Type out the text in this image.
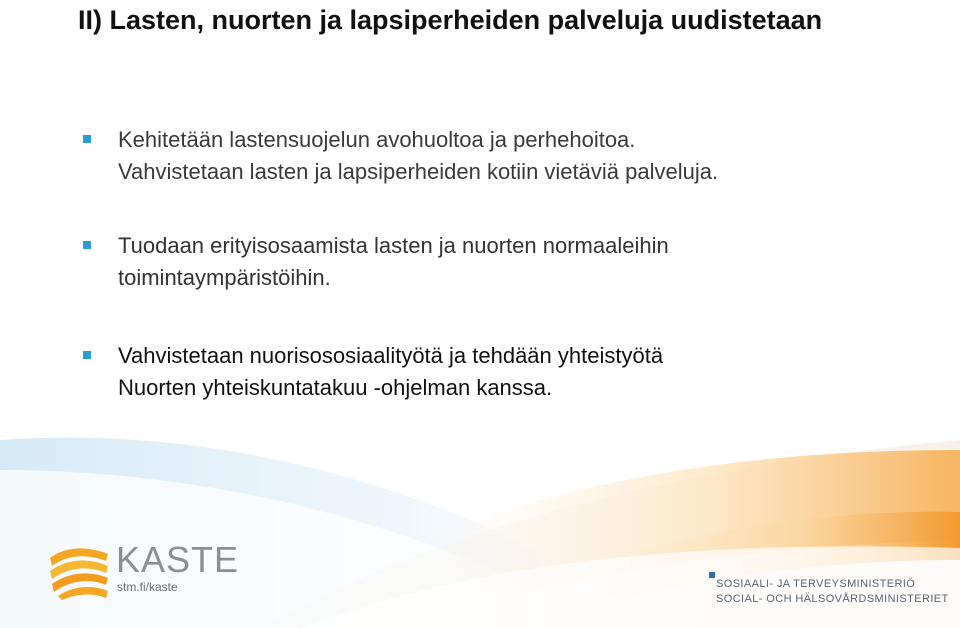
II) Lasten, nuorten ja lapsiperheiden palveluja uudistetaan
Kehitetään lastensuojelun avohuoltoa ja perhehoitoa.
Vahvistetaan lasten ja lapsiperheiden kotiin vietäviä palveluja.
Tuodaan erityisosaamista lasten ja nuorten normaaleihin
toimintaympäristöihin.
Vahvistetaan nuorisososiaalityötä ja tehdään yhteistyötä
Nuorten yhteiskuntatakuu -ohjelman kanssa.
KASTE
stm.fi/kaste	SOSIAALI- JA TERVEYSMINISTERIÖ
SOCIAL- OCH HÄLSOVÅRDSMINISTERIET
